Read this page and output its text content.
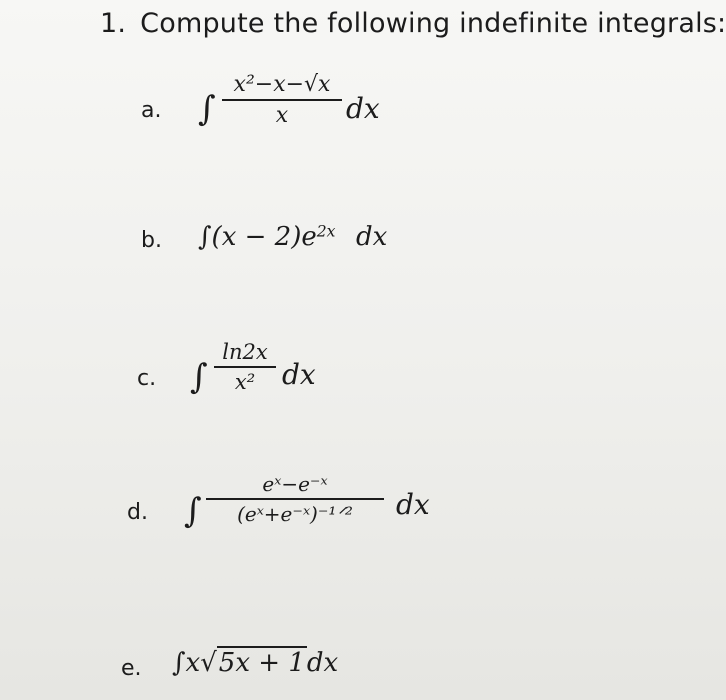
1. Compute the following indefinite integrals:
a. ∫
x²−x−√x
x	dx
b. $\int(x - 2)e^{2x}$ dx
c. ∫
ln2x
x² dx
d. ∫
eˣ−e⁻ˣ
(eˣ+e⁻ˣ)⁻¹ᐟ²	dx
e. ∫x√5x + 1dx
